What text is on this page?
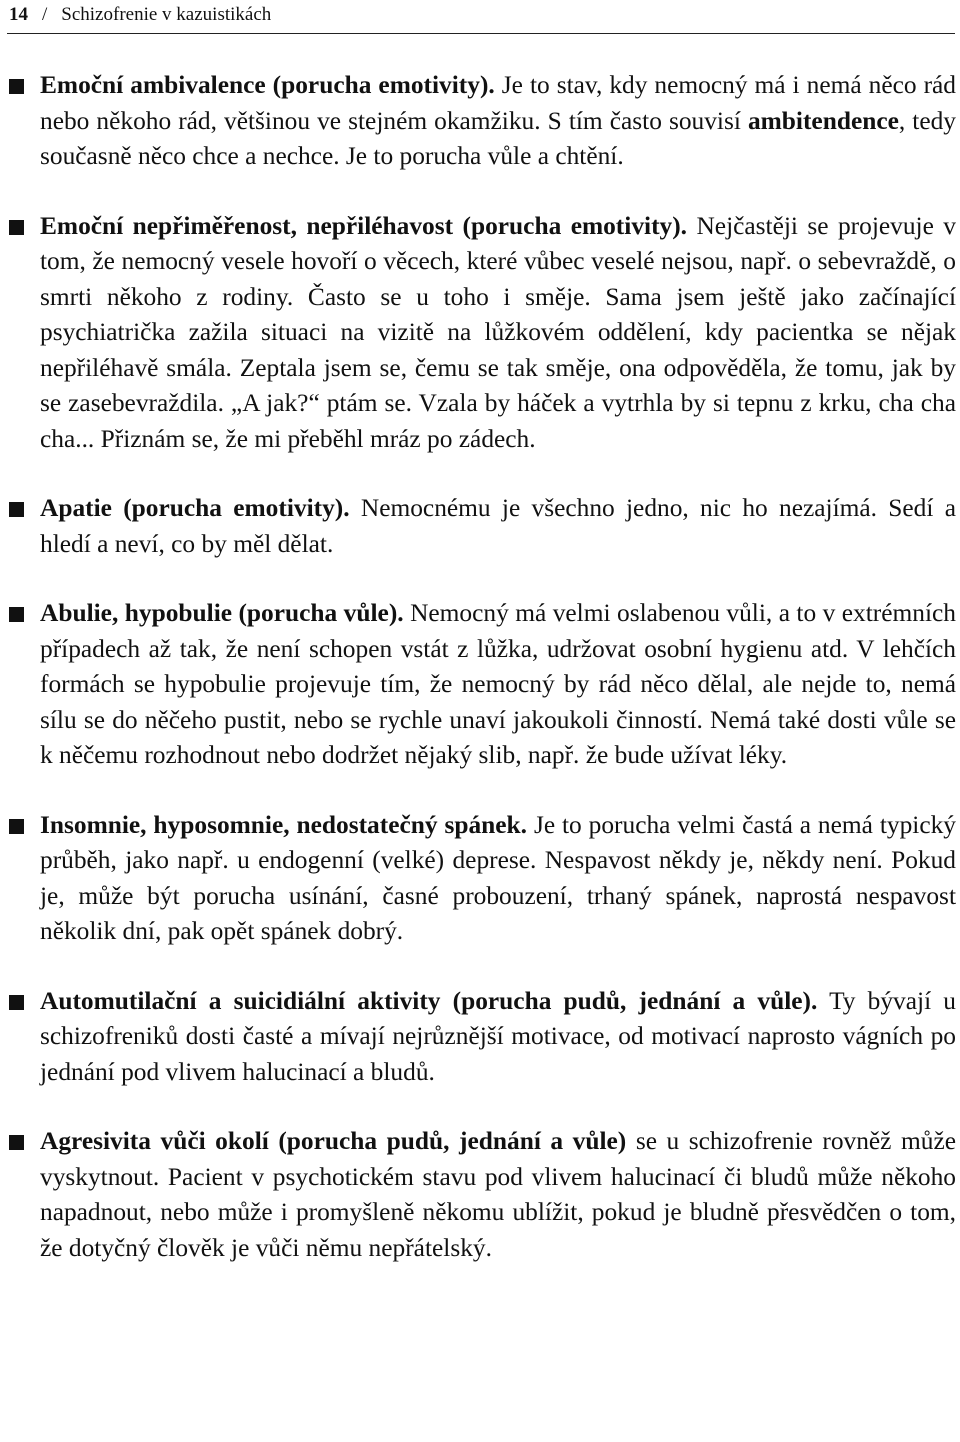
14 / Schizofrenie v kazuistikách

Emoční ambivalence (porucha emotivity). Je to stav, kdy nemocný má i nemá něco rád nebo někoho rád, většinou ve stejném okamžiku. S tím často souvisí ambitendence, tedy současně něco chce a nechce. Je to porucha vůle a chtění.

Emoční nepřiměřenost, nepřiléhavost (porucha emotivity). Nejčastěji se projevuje v tom, že nemocný vesele hovoří o věcech, které vůbec veselé nejsou, např. o sebevraždě, o smrti někoho z rodiny. Často se u toho i směje. Sama jsem ještě jako začínající psychiatrička zažila situaci na vizitě na lůžkovém oddělení, kdy pacientka se nějak nepřiléhavě smála. Zeptala jsem se, čemu se tak směje, ona odpověděla, že tomu, jak by se zasebevraždila. „A jak?“ ptám se. Vzala by háček a vytrhla by si tepnu z krku, cha cha cha... Přiznám se, že mi přeběhl mráz po zádech.

Apatie (porucha emotivity). Nemocnému je všechno jedno, nic ho nezajímá. Sedí a hledí a neví, co by měl dělat.

Abulie, hypobulie (porucha vůle). Nemocný má velmi oslabenou vůli, a to v extrémních případech až tak, že není schopen vstát z lůžka, udržovat osobní hygienu atd. V lehčích formách se hypobulie projevuje tím, že nemocný by rád něco dělal, ale nejde to, nemá sílu se do něčeho pustit, nebo se rychle unaví jakoukoli činností. Nemá také dosti vůle se k něčemu rozhodnout nebo dodržet nějaký slib, např. že bude užívat léky.

Insomnie, hyposomnie, nedostatečný spánek. Je to porucha velmi častá a nemá typický průběh, jako např. u endogenní (velké) deprese. Nespavost někdy je, někdy není. Pokud je, může být porucha usínání, časné probouzení, trhaný spánek, naprostá nespavost několik dní, pak opět spánek dobrý.

Automutilační a suicidiální aktivity (porucha pudů, jednání a vůle). Ty bývají u schizofreniků dosti časté a mívají nejrůznější motivace, od motivací naprosto vágních po jednání pod vlivem halucinací a bludů.

Agresivita vůči okolí (porucha pudů, jednání a vůle) se u schizofrenie rovněž může vyskytnout. Pacient v psychotickém stavu pod vlivem halucinací či bludů může někoho napadnout, nebo může i promyšleně někomu ublížit, pokud je bludně přesvědčen o tom, že dotyčný člověk je vůči němu nepřátelský.
